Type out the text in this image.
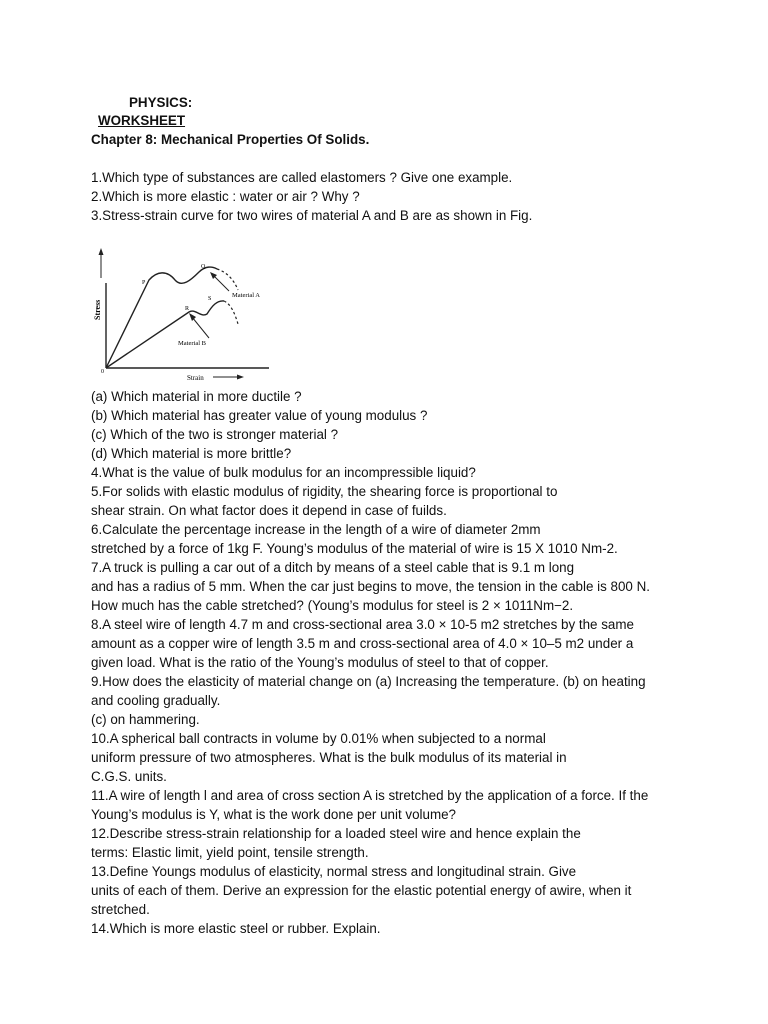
PHYSICS:
WORKSHEET
Chapter 8: Mechanical Properties Of Solids.
1.Which type of substances are called elastomers ? Give one example.
2.Which is more elastic : water or air ? Why ?
3.Stress-strain curve for two wires of material A and B are as shown in Fig.
Stress
Strain
0
P
Q
R
S	Material A
Material B
(a) Which material in more ductile ?
(b) Which material has greater value of young modulus ?
(c) Which of the two is stronger material ?
(d) Which material is more brittle?
4.What is the value of bulk modulus for an incompressible liquid?
5.For solids with elastic modulus of rigidity, the shearing force is proportional to
shear strain. On what factor does it depend in case of fuilds.
6.Calculate the percentage increase in the length of a wire of diameter 2mm
stretched by a force of 1kg F. Young’s modulus of the material of wire is 15 X 1010 Nm-2.
7.A truck is pulling a car out of a ditch by means of a steel cable that is 9.1 m long
and has a radius of 5 mm. When the car just begins to move, the tension in the cable is 800 N.
How much has the cable stretched? (Young’s modulus for steel is 2 × 1011Nm−2.
8.A steel wire of length 4.7 m and cross-sectional area 3.0 × 10-5 m2 stretches by the same
amount as a copper wire of length 3.5 m and cross-sectional area of 4.0 × 10–5 m2 under a
given load. What is the ratio of the Young’s modulus of steel to that of copper.
9.How does the elasticity of material change on (a) Increasing the temperature. (b) on heating
and cooling gradually.
(c) on hammering.
10.A spherical ball contracts in volume by 0.01% when subjected to a normal
uniform pressure of two atmospheres. What is the bulk modulus of its material in
C.G.S. units.
11.A wire of length l and area of cross section A is stretched by the application of a force. If the
Young’s modulus is Y, what is the work done per unit volume?
12.Describe stress-strain relationship for a loaded steel wire and hence explain the
terms: Elastic limit, yield point, tensile strength.
13.Define Youngs modulus of elasticity, normal stress and longitudinal strain. Give
units of each of them. Derive an expression for the elastic potential energy of awire, when it
stretched.
14.Which is more elastic steel or rubber. Explain.
